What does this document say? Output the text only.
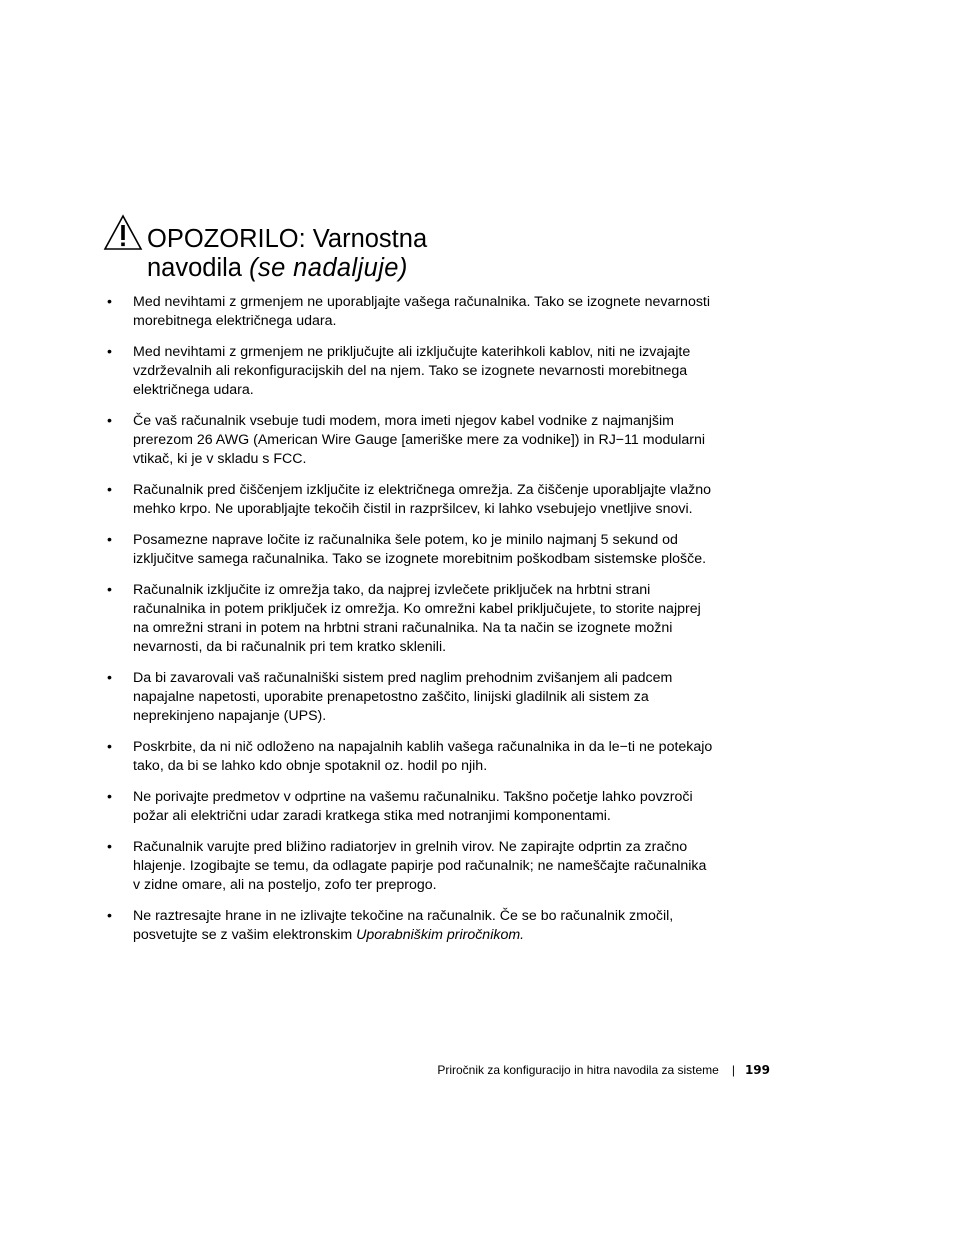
OPOZORILO: Varnostna
navodila (se nadaljuje)
•	Med nevihtami z grmenjem ne uporabljajte vašega računalnika. Tako se izognete nevarnosti morebitnega električnega udara.
•	Med nevihtami z grmenjem ne priključujte ali izključujte katerihkoli kablov, niti ne izvajajte vzdrževalnih ali rekonfiguracijskih del na njem. Tako se izognete nevarnosti morebitnega električnega udara.
•	Če vaš računalnik vsebuje tudi modem, mora imeti njegov kabel vodnike z najmanjšim prerezom 26 AWG (American Wire Gauge [ameriške mere za vodnike]) in RJ−11 modularni vtikač, ki je v skladu s FCC.
•	Računalnik pred čiščenjem izključite iz električnega omrežja. Za čiščenje uporabljajte vlažno mehko krpo. Ne uporabljajte tekočih čistil in razpršilcev, ki lahko vsebujejo vnetljive snovi.
•	Posamezne naprave ločite iz računalnika šele potem, ko je minilo najmanj 5 sekund od izključitve samega računalnika. Tako se izognete morebitnim poškodbam sistemske plošče.
•	Računalnik izključite iz omrežja tako, da najprej izvlečete priključek na hrbtni strani računalnika in potem priključek iz omrežja. Ko omrežni kabel priključujete, to storite najprej na omrežni strani in potem na hrbtni strani računalnika. Na ta način se izognete možni nevarnosti, da bi računalnik pri tem kratko sklenili.
•	Da bi zavarovali vaš računalniški sistem pred naglim prehodnim zvišanjem ali padcem napajalne napetosti, uporabite prenapetostno zaščito, linijski gladilnik ali sistem za neprekinjeno napajanje (UPS).
•	Poskrbite, da ni nič odloženo na napajalnih kablih vašega računalnika in da le−ti ne potekajo tako, da bi se lahko kdo obnje spotaknil oz. hodil po njih.
•	Ne porivajte predmetov v odprtine na vašemu računalniku. Takšno početje lahko povzroči požar ali električni udar zaradi kratkega stika med notranjimi komponentami.
•	Računalnik varujte pred bližino radiatorjev in grelnih virov. Ne zapirajte odprtin za zračno hlajenje. Izogibajte se temu, da odlagate papirje pod računalnik; ne nameščajte računalnika v zidne omare, ali na posteljo, zofo ter preprogo.
•	Ne raztresajte hrane in ne izlivajte tekočine na računalnik. Če se bo računalnik zmočil, posvetujte se z vašim elektronskim Uporabniškim priročnikom.
Priročnik za konfiguracijo in hitra navodila za sisteme | 199
